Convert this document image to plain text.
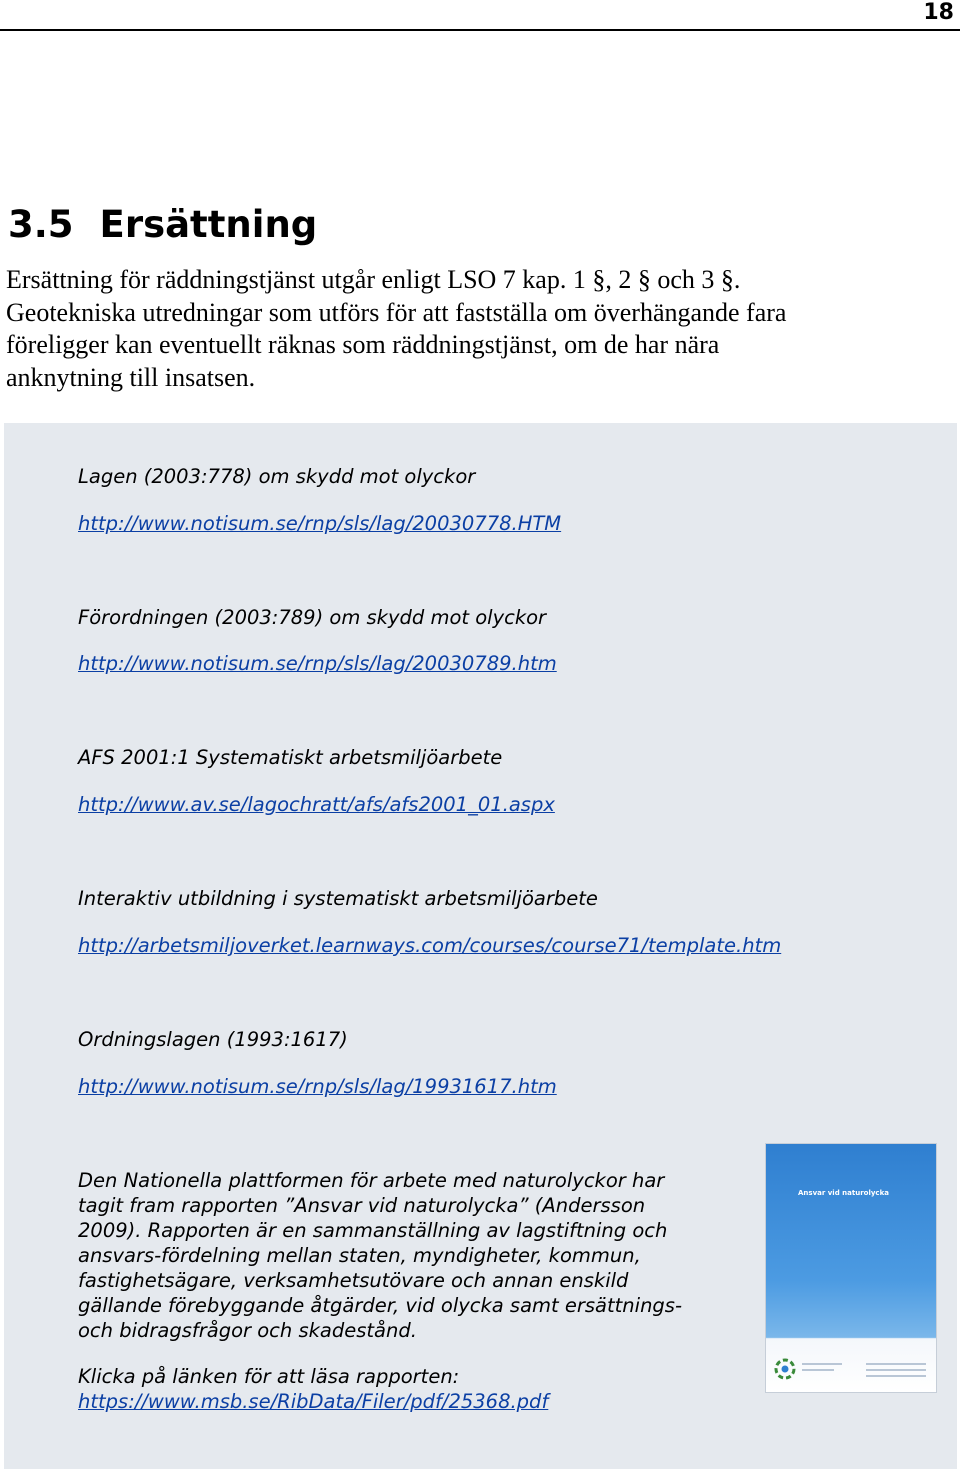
18
3.5 Ersättning

Ersättning för räddningstjänst utgår enligt LSO 7 kap. 1 §, 2 § och 3 §.
Geotekniska utredningar som utförs för att fastställa om överhängande fara
föreligger kan eventuellt räknas som räddningstjänst, om de har nära
anknytning till insatsen.

Lagen (2003:778) om skydd mot olyckor
http://www.notisum.se/rnp/sls/lag/20030778.HTM
Förordningen (2003:789) om skydd mot olyckor
http://www.notisum.se/rnp/sls/lag/20030789.htm
AFS 2001:1 Systematiskt arbetsmiljöarbete
http://www.av.se/lagochratt/afs/afs2001_01.aspx
Interaktiv utbildning i systematiskt arbetsmiljöarbete
http://arbetsmiljoverket.learnways.com/courses/course71/template.htm
Ordningslagen (1993:1617)
http://www.notisum.se/rnp/sls/lag/19931617.htm
Den Nationella plattformen för arbete med naturolyckor har
tagit fram rapporten ”Ansvar vid naturolycka” (Andersson
2009). Rapporten är en sammanställning av lagstiftning och
ansvars-fördelning mellan staten, myndigheter, kommun,
fastighetsägare, verksamhetsutövare och annan enskild
gällande förebyggande åtgärder, vid olycka samt ersättnings-
och bidragsfrågor och skadestånd.
Klicka på länken för att läsa rapporten:
https://www.msb.se/RibData/Filer/pdf/25368.pdf
Ansvar vid naturolycka
